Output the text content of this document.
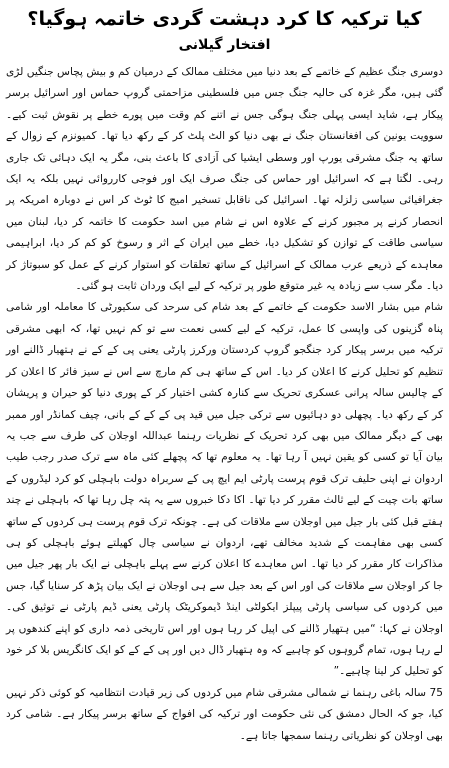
کیا ترکیہ کا کرد دہشت گردی خاتمہ ہوگیا؟
افتخار گیلانی

دوسری جنگ عظیم کے خاتمے کے بعد دنیا میں مختلف ممالک کے درمیان کم و بیش پچاس جنگیں لڑی گئی ہیں، مگر غزہ کی حالیہ جنگ جس میں فلسطینی مزاحمتی گروپ حماس اور اسرائیل برسر پیکار ہے، شاید ایسی پہلی جنگ ہوگی جس نے اتنے کم وقت میں پورے خطے پر نقوش ثبت کیے۔ سوویت یونین کی افغانستان جنگ نے بھی دنیا کو الٹ پلٹ کر کے رکھ دیا تھا۔ کمیونزم کے زوال کے ساتھ یہ جنگ مشرقی یورپ اور وسطی ایشیا کی آزادی کا باعث بنی، مگر یہ ایک دہائی تک جاری رہی۔ لگتا ہے کہ اسرائیل اور حماس کی جنگ صرف ایک اور فوجی کارروائی نہیں بلکہ یہ ایک جغرافیائی سیاسی زلزلہ تھا۔ اسرائیل کی ناقابل تسخیر امیج کا ٹوٹ کر اس نے دوبارہ امریکہ پر انحصار کرنے پر مجبور کرنے کے علاوہ اس نے شام میں اسد حکومت کا خاتمہ کر دیا، لبنان میں سیاسی طاقت کے توازن کو تشکیل دیا، خطے میں ایران کے اثر و رسوخ کو کم کر دیا، ابراہیمی معاہدے کے ذریعے عرب ممالک کے اسرائیل کے ساتھ تعلقات کو استوار کرنے کے عمل کو سبوتاژ کر دیا۔ مگر سب سے زیادہ یہ غیر متوقع طور پر ترکیہ کے لیے ایک وردان ثابت ہو گئی۔

شام میں بشار الاسد حکومت کے خاتمے کے بعد شام کی سرحد کی سکیورٹی کا معاملہ اور شامی پناہ گزینوں کی واپسی کا عمل، ترکیہ کے لیے کسی نعمت سے تو کم نہیں تھا، کہ ابھی مشرقی ترکیہ میں برسر پیکار کرد جنگجو گروپ کردستان ورکرز پارٹی یعنی پی کے کے نے ہتھیار ڈالنے اور تنظیم کو تحلیل کرنے کا اعلان کر دیا۔ اس کے ساتھ ہی کم مارچ سے اس نے سیز فائر کا اعلان کر کے چالیس سالہ پرانی عسکری تحریک سے کنارہ کشی اختیار کر کے پوری دنیا کو حیران و پریشان کر کے رکھ دیا۔ پچھلی دو دہائیوں سے ترکی جیل میں قید پی کے کے کے بانی، چیف کمانڈر اور ممبر بھی کے دیگر ممالک میں بھی کرد تحریک کے نظریات رہنما عبداللہ اوجلان کی طرف سے جب یہ بیان آیا تو کسی کو یقین نہیں آ رہا تھا۔ یہ معلوم تھا کہ پچھلے کئی ماہ سے ترک صدر رجب طیب اردوان نے اپنی حلیف ترک قوم پرست پارٹی ایم ایچ پی کے سربراہ دولت باہچلی کو کرد لیڈروں کے ساتھ بات چیت کے لیے ثالث مقرر کر دیا تھا۔ اکا دکا خبروں سے یہ پتہ چل رہا تھا کہ باہچلی نے چند ہفتے قبل کئی بار جیل میں اوجلان سے ملاقات کی ہے۔ چونکہ ترک قوم پرست ہی کردوں کے ساتھ کسی بھی مفاہمت کے شدید مخالف تھے، اردوان نے سیاسی چال کھیلتے ہوئے باہچلی کو ہی مذاکرات کار مقرر کر دیا تھا۔ اس معاہدے کا اعلان کرنے سے پہلے باہچلی نے ایک بار پھر جیل میں جا کر اوجلان سے ملاقات کی اور اس کے بعد جیل سے ہی اوجلان نے ایک بیان پڑھ کر سنایا گیا، جس میں کردوں کی سیاسی پارٹی پیپلز ایکولٹی اینڈ ڈیموکریٹک پارٹی یعنی ڈیم پارٹی نے توثیق کی۔ اوجلان نے کہا: “میں ہتھیار ڈالنے کی اپیل کر رہا ہوں اور اس تاریخی ذمہ داری کو اپنے کندھوں پر لے رہا ہوں، تمام گروہوں کو چاہیے کہ وہ ہتھیار ڈال دیں اور پی کے کے کو ایک کانگریس بلا کر خود کو تحلیل کر لینا چاہیے۔”

75 سالہ باغی رہنما نے شمالی مشرقی شام میں کردوں کی زیر قیادت انتظامیہ کو کوئی ذکر نہیں کیا، جو کہ الحال دمشق کی نئی حکومت اور ترکیہ کی افواج کے ساتھ برسر پیکار ہے۔ شامی کرد بھی اوجلان کو نظریاتی رہنما سمجھا جاتا ہے۔
